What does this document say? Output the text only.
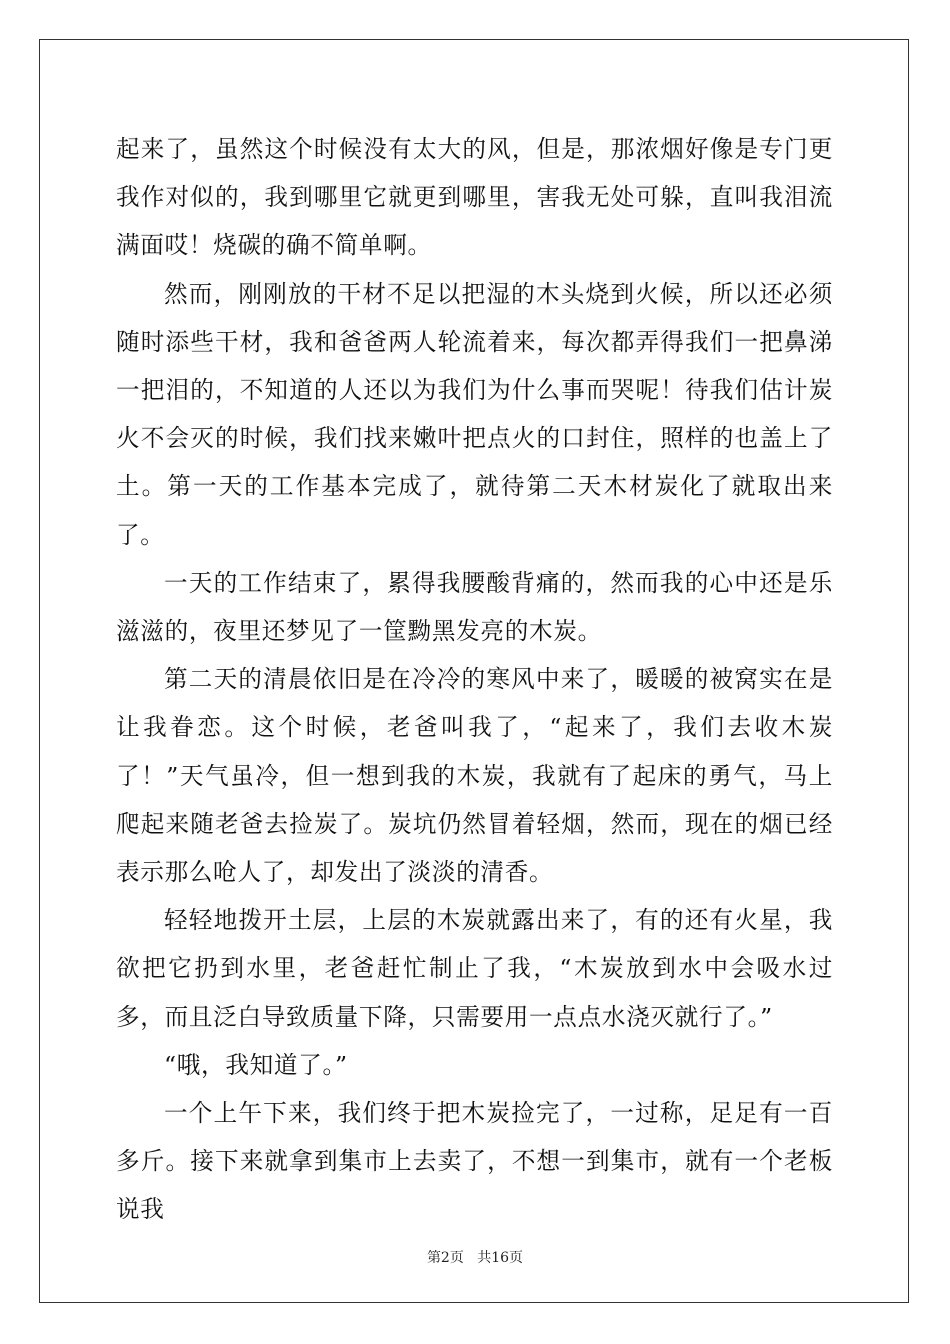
起来了，虽然这个时候没有太大的风，但是，那浓烟好像是专门更我作对似的，我到哪里它就更到哪里，害我无处可躲，直叫我泪流满面哎！烧碳的确不简单啊。

然而，刚刚放的干材不足以把湿的木头烧到火候，所以还必须随时添些干材，我和爸爸两人轮流着来，每次都弄得我们一把鼻涕一把泪的，不知道的人还以为我们为什么事而哭呢！待我们估计炭火不会灭的时候，我们找来嫩叶把点火的口封住，照样的也盖上了土。第一天的工作基本完成了，就待第二天木材炭化了就取出来了。

一天的工作结束了，累得我腰酸背痛的，然而我的心中还是乐滋滋的，夜里还梦见了一筐黝黑发亮的木炭。

第二天的清晨依旧是在冷冷的寒风中来了，暖暖的被窝实在是让我眷恋。这个时候，老爸叫我了，“起来了，我们去收木炭了！”天气虽冷，但一想到我的木炭，我就有了起床的勇气，马上爬起来随老爸去捡炭了。炭坑仍然冒着轻烟，然而，现在的烟已经表示那么呛人了，却发出了淡淡的清香。

轻轻地拨开土层，上层的木炭就露出来了，有的还有火星，我欲把它扔到水里，老爸赶忙制止了我，“木炭放到水中会吸水过多，而且泛白导致质量下降，只需要用一点点水浇灭就行了。”

“哦，我知道了。”

一个上午下来，我们终于把木炭捡完了，一过称，足足有一百多斤。接下来就拿到集市上去卖了，不想一到集市，就有一个老板说我

第2页 共16页
